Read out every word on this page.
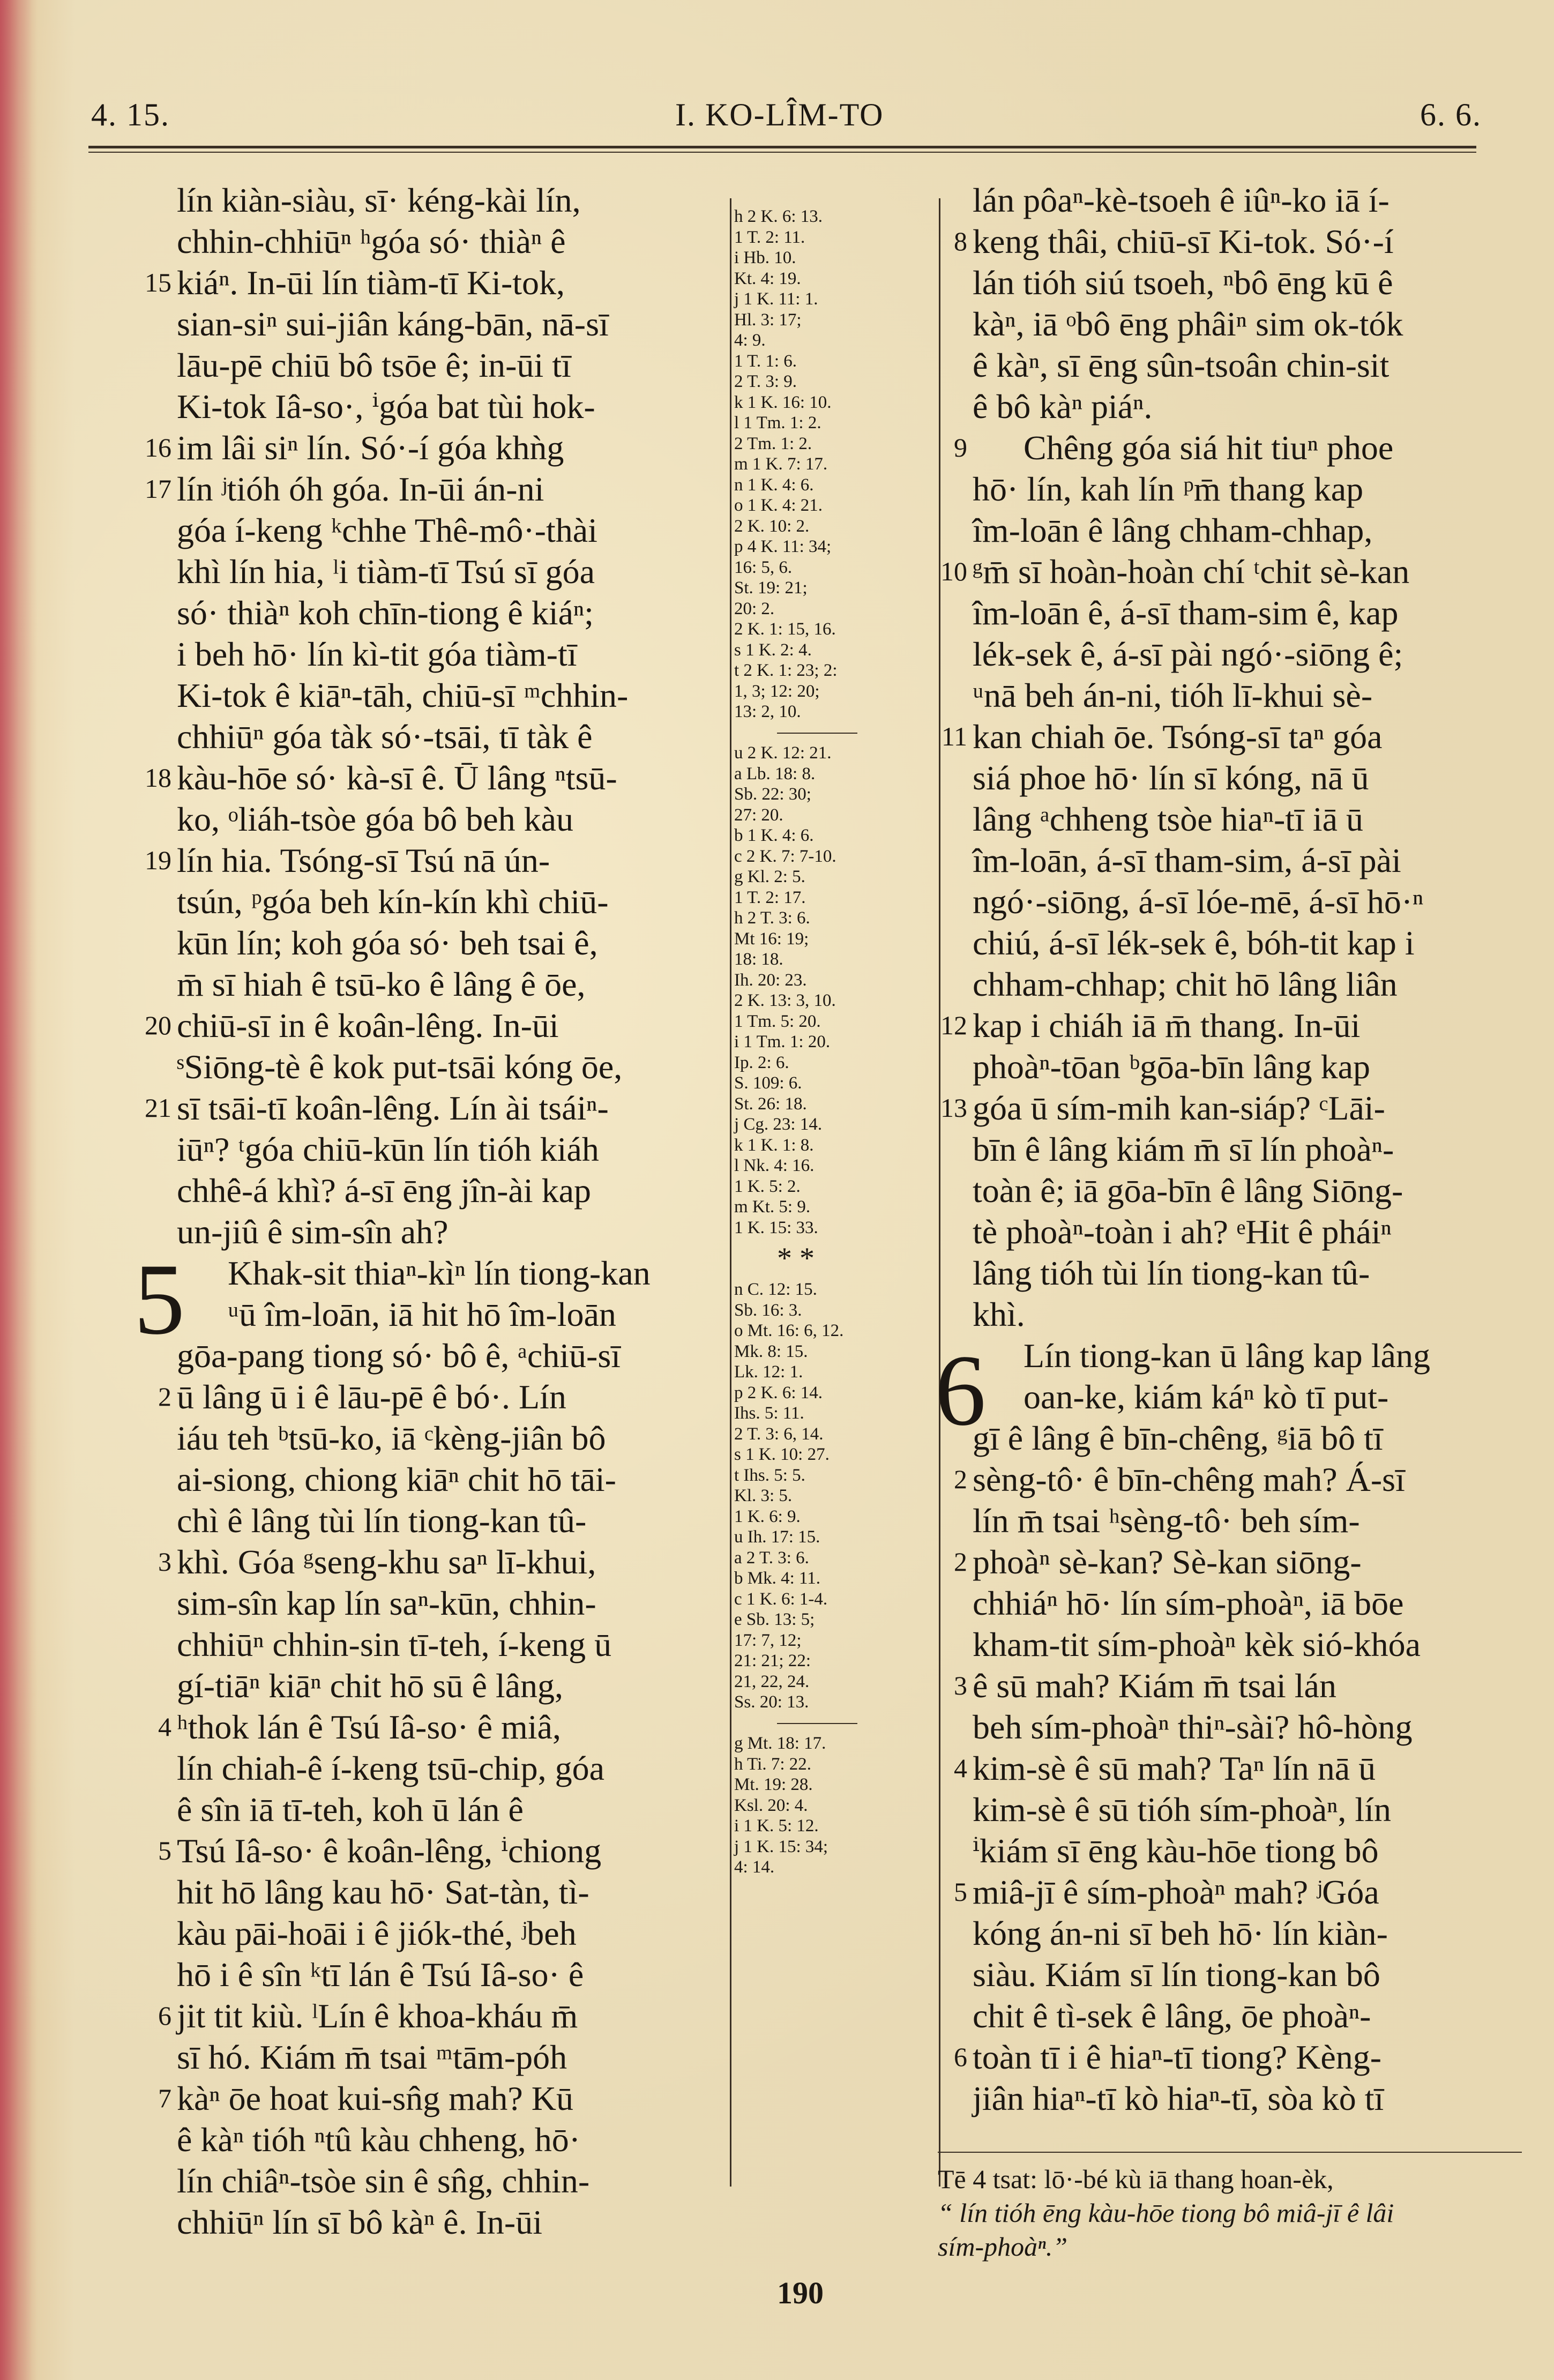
4. 15.	I. KO-LÎM-TO	6. 6.
5
6
lín kiàn-siàu, sī· kéng-kài lín,
chhin-chhiūⁿ ʰgóa só· thiàⁿ ê
15 kiáⁿ. In-ūi lín tiàm-tī Ki-tok,
sian-siⁿ sui-jiân káng-bān, nā-sī
lāu-pē chiū bô tsōe ê; in-ūi tī
Ki-tok Iâ-so·, ⁱgóa bat tùi hok-
16 im lâi siⁿ lín. Só·-í góa khǹg
17 lín ʲtióh óh góa. In-ūi án-ni
góa í-keng ᵏchhe Thê-mô·-thài
khì lín hia, ˡi tiàm-tī Tsú sī góa
só· thiàⁿ koh chīn-tiong ê kiáⁿ;
i beh hō· lín kì-tit góa tiàm-tī
Ki-tok ê kiāⁿ-tāh, chiū-sī ᵐchhin-
chhiūⁿ góa tàk só·-tsāi, tī tàk ê
18 kàu-hōe só· kà-sī ê. Ū lâng ⁿtsū-
ko, ᵒliáh-tsòe góa bô beh kàu
19 lín hia. Tsóng-sī Tsú nā ún-
tsún, ᵖgóa beh kín-kín khì chiū-
kūn lín; koh góa só· beh tsai ê,
m̄ sī hiah ê tsū-ko ê lâng ê ōe,
20 chiū-sī in ê koân-lêng. In-ūi
ˢSiōng-tè ê kok put-tsāi kóng ōe,
21 sī tsāi-tī koân-lêng. Lín ài tsáiⁿ-
iūⁿ? ᵗgóa chiū-kūn lín tióh kiáh
chhê-á khì? á-sī ēng jîn-ài kap
un-jiû ê sim-sîn ah?
Khak-sit thiaⁿ-kìⁿ lín tiong-kan
ᵘū îm-loān, iā hit hō îm-loān
gōa-pang tiong só· bô ê, ᵃchiū-sī
2 ū lâng ū i ê lāu-pē ê bó·. Lín
iáu teh ᵇtsū-ko, iā ᶜkèng-jiân bô
ai-siong, chiong kiāⁿ chit hō tāi-
chì ê lâng tùi lín tiong-kan tû-
3 khì. Góa ᵍseng-khu saⁿ lī-khui,
sim-sîn kap lín saⁿ-kūn, chhin-
chhiūⁿ chhin-sin tī-teh, í-keng ū
gí-tiāⁿ kiāⁿ chit hō sū ê lâng,
4 ʰthok lán ê Tsú Iâ-so· ê miâ,
lín chiah-ê í-keng tsū-chip, góa
ê sîn iā tī-teh, koh ū lán ê
5 Tsú Iâ-so· ê koân-lêng, ⁱchiong
hit hō lâng kau hō· Sat-tàn, tì-
kàu pāi-hoāi i ê jiók-thé, ʲbeh
hō i ê sîn ᵏtī lán ê Tsú Iâ-so· ê
6 jit tit kiù. ˡLín ê khoa-kháu m̄
sī hó. Kiám m̄ tsai ᵐtām-póh
7 kàⁿ ōe hoat kui-sn̂g mah? Kū
ê kàⁿ tióh ⁿtû kàu chheng, hō·
lín chiâⁿ-tsòe sin ê sn̂g, chhin-
chhiūⁿ lín sī bô kàⁿ ê. In-ūi
h 2 K. 6: 13.
1 T. 2: 11.
i Hb. 10.
Kt. 4: 19.
j 1 K. 11: 1.
Hl. 3: 17;
4: 9.
1 T. 1: 6.
2 T. 3: 9.
k 1 K. 16: 10.
l 1 Tm. 1: 2.
2 Tm. 1: 2.
m 1 K. 7: 17.
n 1 K. 4: 6.
o 1 K. 4: 21.
2 K. 10: 2.
p 4 K. 11: 34;
16: 5, 6.
St. 19: 21;
20: 2.
2 K. 1: 15, 16.
s 1 K. 2: 4.
t 2 K. 1: 23; 2:
1, 3; 12: 20;
13: 2, 10.
u 2 K. 12: 21.
a Lb. 18: 8.
Sb. 22: 30;
27: 20.
b 1 K. 4: 6.
c 2 K. 7: 7-10.
g Kl. 2: 5.
1 T. 2: 17.
h 2 T. 3: 6.
Mt 16: 19;
18: 18.
Ih. 20: 23.
2 K. 13: 3, 10.
1 Tm. 5: 20.
i 1 Tm. 1: 20.
Ip. 2: 6.
S. 109: 6.
St. 26: 18.
j Cg. 23: 14.
k 1 K. 1: 8.
l Nk. 4: 16.
1 K. 5: 2.
m Kt. 5: 9.
1 K. 15: 33.
* *
n C. 12: 15.
Sb. 16: 3.
o Mt. 16: 6, 12.
Mk. 8: 15.
Lk. 12: 1.
p 2 K. 6: 14.
Ihs. 5: 11.
2 T. 3: 6, 14.
s 1 K. 10: 27.
t Ihs. 5: 5.
Kl. 3: 5.
1 K. 6: 9.
u Ih. 17: 15.
a 2 T. 3: 6.
b Mk. 4: 11.
c 1 K. 6: 1-4.
e Sb. 13: 5;
17: 7, 12;
21: 21; 22:
21, 22, 24.
Ss. 20: 13.
g Mt. 18: 17.
h Ti. 7: 22.
Mt. 19: 28.
Ksl. 20: 4.
i 1 K. 5: 12.
j 1 K. 15: 34;
4: 14.
lán pôaⁿ-kè-tsoeh ê iûⁿ-ko iā í-
8 keng thâi, chiū-sī Ki-tok. Só·-í
lán tióh siú tsoeh, ⁿbô ēng kū ê
kàⁿ, iā ᵒbô ēng phâiⁿ sim ok-tók
ê kàⁿ, sī ēng sûn-tsoân chin-sit
ê bô kàⁿ piáⁿ.
9 Chêng góa siá hit tiuⁿ phoe
hō· lín, kah lín ᵖm̄ thang kap
îm-loān ê lâng chham-chhap,
10 ᵍm̄ sī hoàn-hoàn chí ᵗchit sè-kan
îm-loān ê, á-sī tham-sim ê, kap
lék-sek ê, á-sī pài ngó·-siōng ê;
ᵘnā beh án-ni, tióh lī-khui sè-
11 kan chiah ōe. Tsóng-sī taⁿ góa
siá phoe hō· lín sī kóng, nā ū
lâng ᵃchheng tsòe hiaⁿ-tī iā ū
îm-loān, á-sī tham-sim, á-sī pài
ngó·-siōng, á-sī lóe-mē, á-sī hō·ⁿ
chiú, á-sī lék-sek ê, bóh-tit kap i
chham-chhap; chit hō lâng liân
12 kap i chiáh iā m̄ thang. In-ūi
phoàⁿ-tōan ᵇgōa-bīn lâng kap
13 góa ū sím-mih kan-siáp? ᶜLāi-
bīn ê lâng kiám m̄ sī lín phoàⁿ-
toàn ê; iā gōa-bīn ê lâng Siōng-
tè phoàⁿ-toàn i ah? ᵉHit ê pháiⁿ
lâng tióh tùi lín tiong-kan tû-
khì.
Lín tiong-kan ū lâng kap lâng
oan-ke, kiám káⁿ kò tī put-
gī ê lâng ê bīn-chêng, ᵍiā bô tī
2 sèng-tô· ê bīn-chêng mah? Á-sī
lín m̄ tsai ʰsèng-tô· beh sím-
2 phoàⁿ sè-kan? Sè-kan siōng-
chhiáⁿ hō· lín sím-phoàⁿ, iā bōe
kham-tit sím-phoàⁿ kèk sió-khóa
3 ê sū mah? Kiám m̄ tsai lán
beh sím-phoàⁿ thiⁿ-sài? hô-hòng
4 kim-sè ê sū mah? Taⁿ lín nā ū
kim-sè ê sū tióh sím-phoàⁿ, lín
ⁱkiám sī ēng kàu-hōe tiong bô
5 miâ-jī ê sím-phoàⁿ mah? ʲGóa
kóng án-ni sī beh hō· lín kiàn-
siàu. Kiám sī lín tiong-kan bô
chit ê tì-sek ê lâng, ōe phoàⁿ-
6 toàn tī i ê hiaⁿ-tī tiong? Kèng-
jiân hiaⁿ-tī kò hiaⁿ-tī, sòa kò tī
Tē 4 tsat: lō·-bé kù iā thang hoan-èk,
“ lín tióh ēng kàu-hōe tiong bô miâ-jī ê lâi
sím-phoàⁿ.”
190
